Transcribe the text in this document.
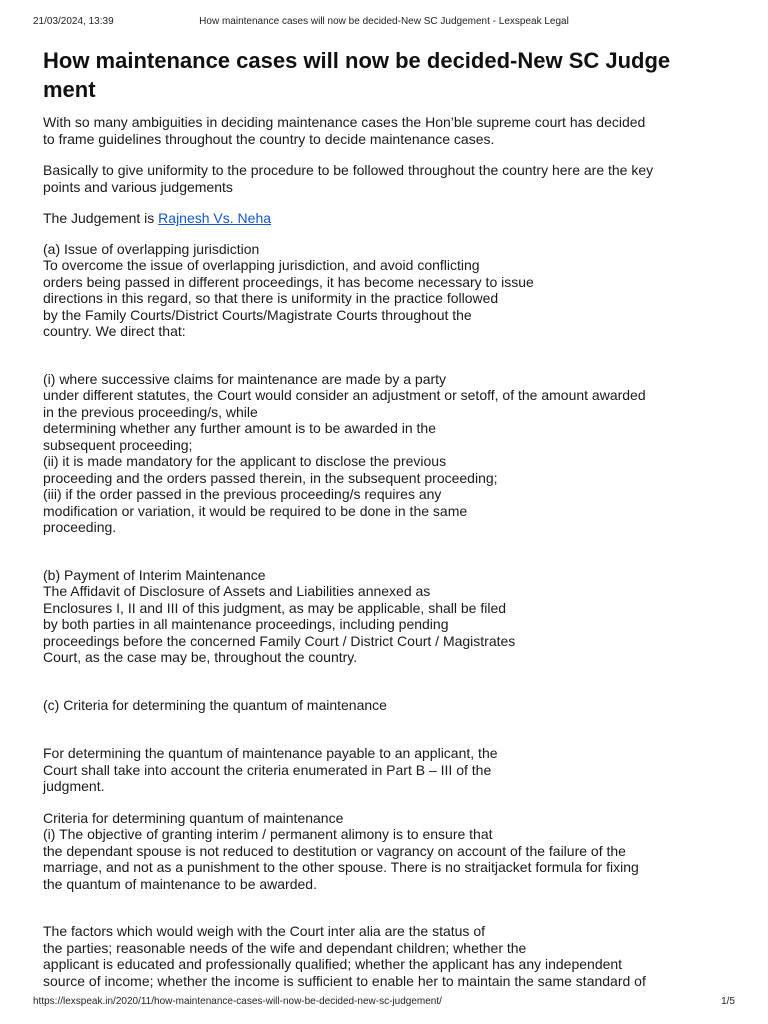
21/03/2024, 13:39	How maintenance cases will now be decided-New SC Judgement - Lexspeak Legal
How maintenance cases will now be decided-New SC Judge
ment

With so many ambiguities in deciding maintenance cases the Hon’ble supreme court has decided
to frame guidelines throughout the country to decide maintenance cases.

Basically to give uniformity to the procedure to be followed throughout the country here are the key
points and various judgements

The Judgement is Rajnesh Vs. Neha

(a) Issue of overlapping jurisdiction
To overcome the issue of overlapping jurisdiction, and avoid conflicting
orders being passed in different proceedings, it has become necessary to issue
directions in this regard, so that there is uniformity in the practice followed
by the Family Courts/District Courts/Magistrate Courts throughout the
country. We direct that:

(i) where successive claims for maintenance are made by a party
under different statutes, the Court would consider an adjustment or setoff, of the amount awarded
in the previous proceeding/s, while
determining whether any further amount is to be awarded in the
subsequent proceeding;
(ii) it is made mandatory for the applicant to disclose the previous
proceeding and the orders passed therein, in the subsequent proceeding;
(iii) if the order passed in the previous proceeding/s requires any
modification or variation, it would be required to be done in the same
proceeding.

(b) Payment of Interim Maintenance
The Affidavit of Disclosure of Assets and Liabilities annexed as
Enclosures I, II and III of this judgment, as may be applicable, shall be filed
by both parties in all maintenance proceedings, including pending
proceedings before the concerned Family Court / District Court / Magistrates
Court, as the case may be, throughout the country.

(c) Criteria for determining the quantum of maintenance

For determining the quantum of maintenance payable to an applicant, the
Court shall take into account the criteria enumerated in Part B – III of the
judgment.

Criteria for determining quantum of maintenance
(i) The objective of granting interim / permanent alimony is to ensure that
the dependant spouse is not reduced to destitution or vagrancy on account of the failure of the
marriage, and not as a punishment to the other spouse. There is no straitjacket formula for fixing
the quantum of maintenance to be awarded.

The factors which would weigh with the Court inter alia are the status of
the parties; reasonable needs of the wife and dependant children; whether the
applicant is educated and professionally qualified; whether the applicant has any independent
source of income; whether the income is sufficient to enable her to maintain the same standard of

https://lexspeak.in/2020/11/how-maintenance-cases-will-now-be-decided-new-sc-judgement/	1/5
